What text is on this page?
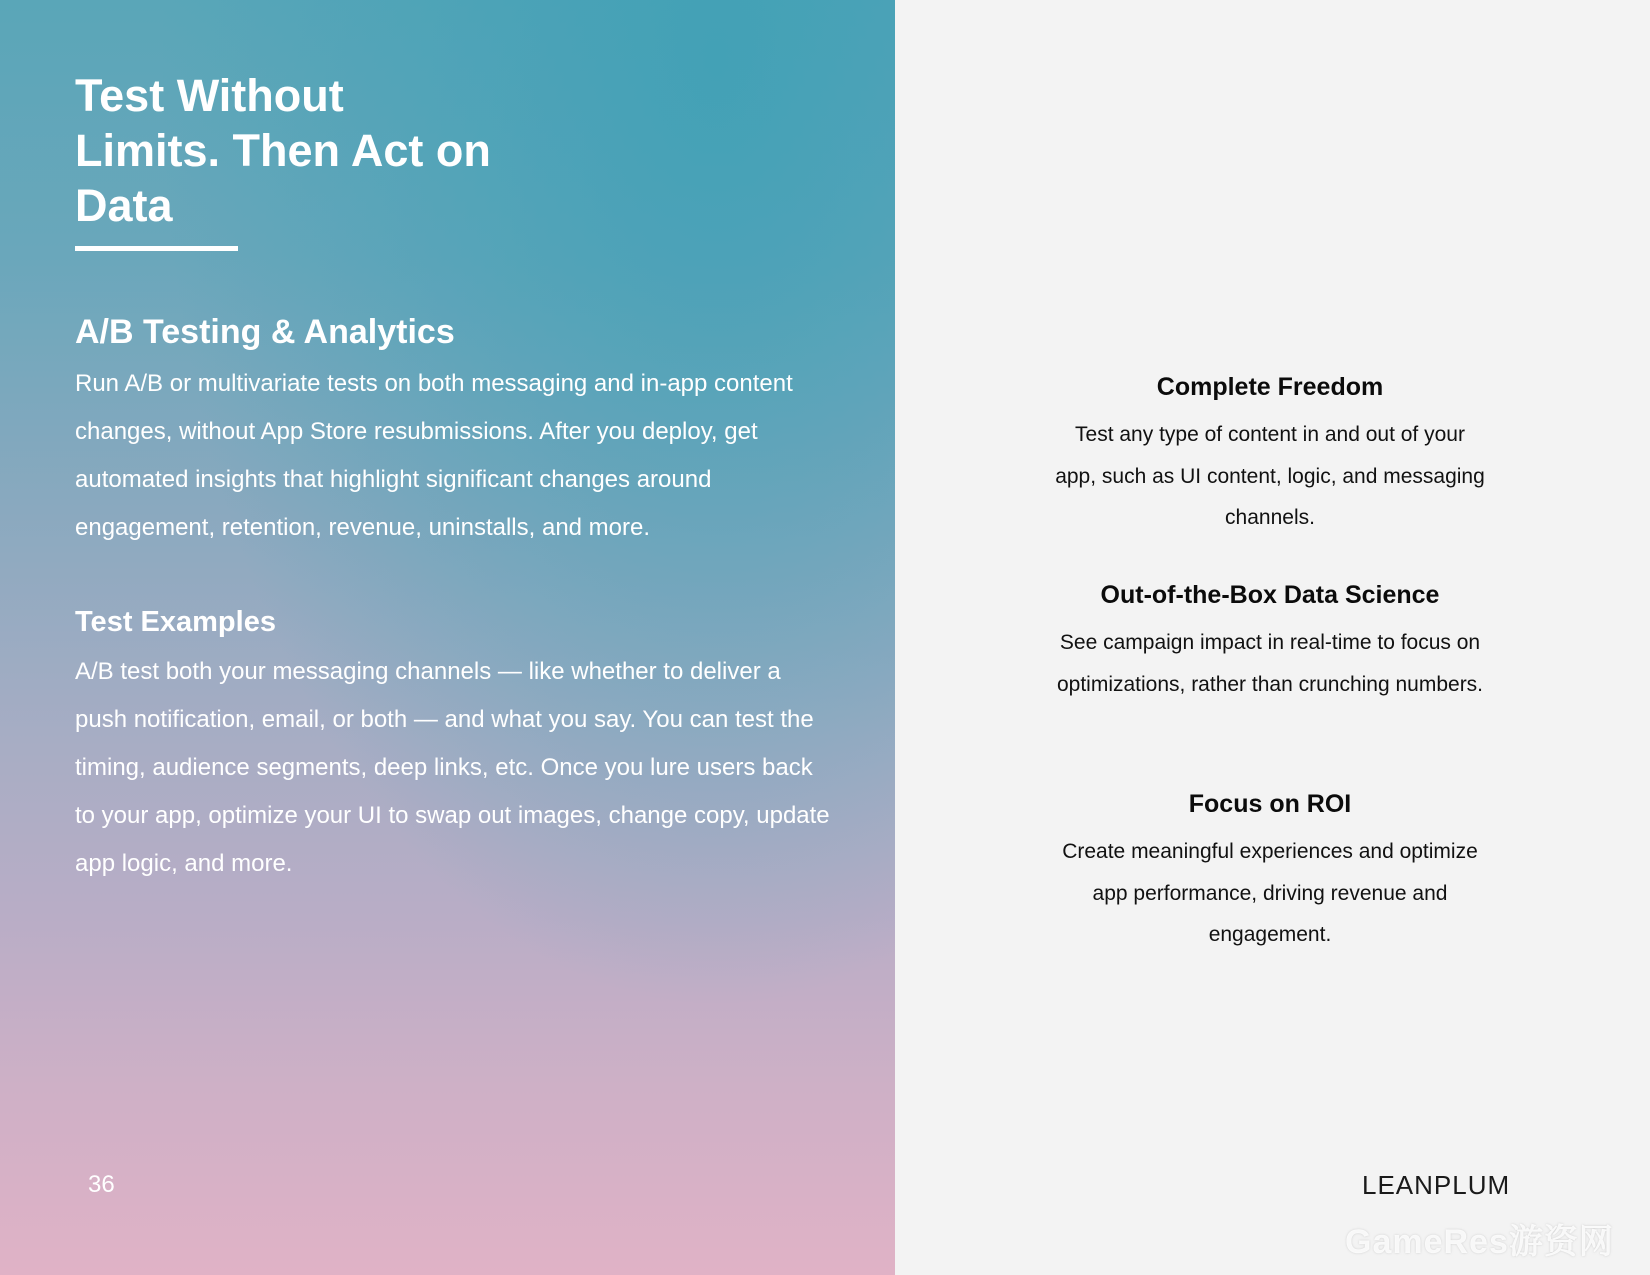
Test Without Limits. Then Act on Data
A/B Testing & Analytics

Run A/B or multivariate tests on both messaging and in-app content changes, without App Store resubmissions. After you deploy, get automated insights that highlight significant changes around engagement, retention, revenue, uninstalls, and more.

Test Examples

A/B test both your messaging channels — like whether to deliver a push notification, email, or both — and what you say. You can test the timing, audience segments, deep links, etc. Once you lure users back to your app, optimize your UI to swap out images, change copy, update app logic, and more.

36
Complete Freedom

Test any type of content in and out of your app, such as UI content, logic, and messaging channels.

Out-of-the-Box Data Science

See campaign impact in real-time to focus on optimizations, rather than crunching numbers.

Focus on ROI

Create meaningful experiences and optimize app performance, driving revenue and engagement.

LEANPLUM
GameRes游资网
